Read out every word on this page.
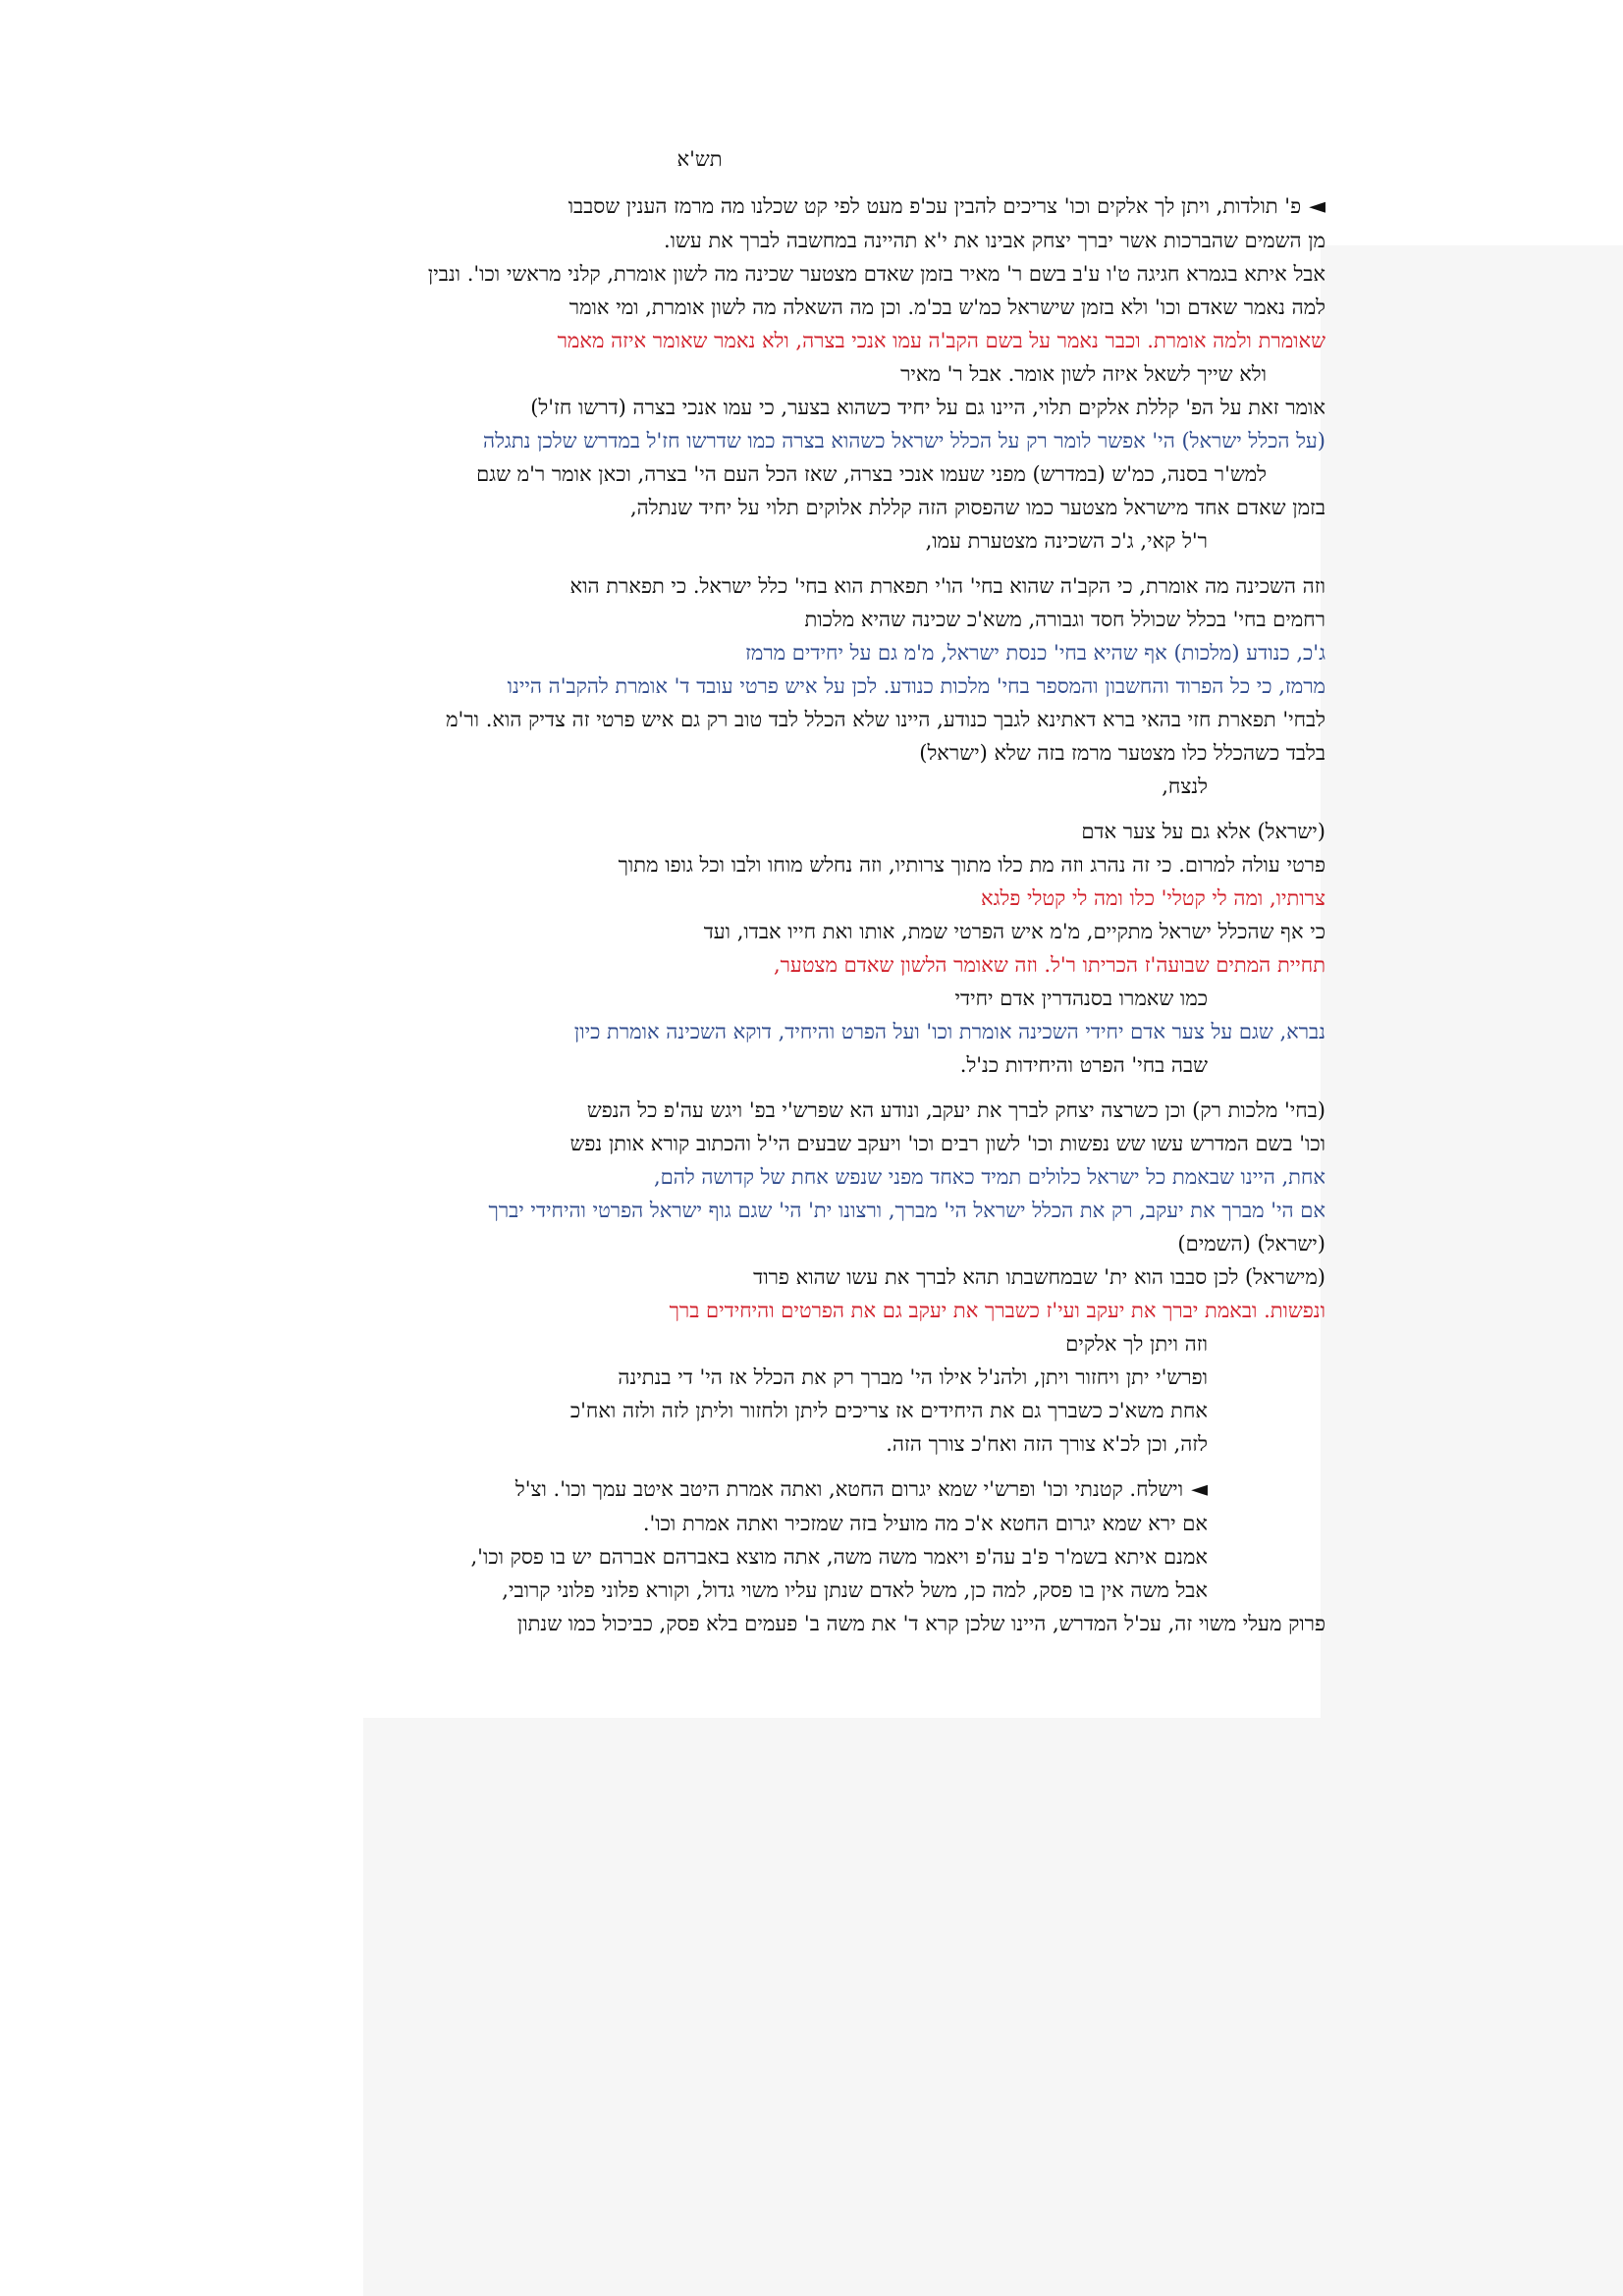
תש'א
◄פ' תולדות, ויתן לך אלקים וכו' צריכים להבין עכ'פ מעט לפי קט שכלנו מה מרמז הענין שסבבו
מן השמים שהברכות אשר יברך יצחק אבינו את י'א תהיינה במחשבה לברך את עשו.
אבל איתא בגמרא חגיגה ט'ו ע'ב בשם ר' מאיר בזמן שאדם מצטער שכינה מה לשון אומרת, קלני מראשי וכו'. ונבין
למה נאמר שאדם וכו' ולא בזמן שישראל כמ'ש בכ'מ. וכן מה השאלה מה לשון אומרת, ומי אומר
שאומרת ולמה אומרת. וכבר נאמר על בשם הקב'ה עמו אנכי בצרה, ולא נאמר שאומר איזה מאמר
ולא שייך לשאל איזה לשון אומר. אבל ר' מאיר
אומר זאת על הפ' קללת אלקים תלוי, היינו גם על יחיד כשהוא בצער, כי עמו אנכי בצרה (דרשו חז'ל)
(על הכלל ישראל) הי' אפשר לומר רק על הכלל ישראל כשהוא בצרה כמו שדרשו חז'ל במדרש שלכן נתגלה
למש'ר בסנה, כמ'ש (במדרש) מפני שעמו אנכי בצרה, שאז הכל העם הי' בצרה, וכאן אומר ר'מ שגם
בזמן שאדם אחד מישראל מצטער כמו שהפסוק הזה קללת אלוקים תלוי על יחיד שנתלה,
ר'ל קאי, ג'כ השכינה מצטערת עמו,
וזה השכינה מה אומרת, כי הקב'ה שהוא בחי' הו'י תפארת הוא בחי' כלל ישראל. כי תפארת הוא
רחמים בחי' בכלל שכולל חסד וגבורה, משא'כ שכינה שהיא מלכות
ג'כ, כנודע (מלכות) אף שהיא בחי' כנסת ישראל, מ'מ גם על יחידים מרמז
מרמז, כי כל הפרוד והחשבון והמספר בחי' מלכות כנודע. לכן על איש פרטי עובד ד' אומרת להקב'ה היינו
לבחי' תפארת חזי בהאי ברא דאתינא לגבך כנודע, היינו שלא הכלל לבד טוב רק גם איש פרטי זה צדיק הוא. ור'מ
בלבד כשהכלל כלו מצטער מרמז בזה שלא (ישראל)
לנצח,
(ישראל) אלא גם על צער אדם
פרטי עולה למרום. כי זה נהרג וזה מת כלו מתוך צרותיו, וזה נחלש מוחו ולבו וכל גופו מתוך
צרותיו, ומה לי קטלי' כלו ומה לי קטלי פלגא
כי אף שהכלל ישראל מתקיים, מ'מ איש הפרטי שמת, אותו ואת חייו אבדו, ועד
תחיית המתים שבועה'ז הכריתו ר'ל. וזה שאומר הלשון שאדם מצטער,
כמו שאמרו בסנהדרין אדם יחידי
נברא, שגם על צער אדם יחידי השכינה אומרת וכו' ועל הפרט והיחיד, דוקא השכינה אומרת כיון
שבה בחי' הפרט והיחידות כנ'ל.
(בחי' מלכות רק) וכן כשרצה יצחק לברך את יעקב, ונודע הא שפרש'י בפ' ויגש עה'פ כל הנפש
וכו' בשם המדרש עשו שש נפשות וכו' לשון רבים וכו' ויעקב שבעים הי'ל והכתוב קורא אותן נפש
אחת, היינו שבאמת כל ישראל כלולים תמיד כאחד מפני שנפש אחת של קדושה להם,
אם הי' מברך את יעקב, רק את הכלל ישראל הי' מברך, ורצונו ית' הי' שגם גוף ישראל הפרטי והיחידי יברך
(ישראל) (השמים)
(מישראל) לכן סבבו הוא ית' שבמחשבתו תהא לברך את עשו שהוא פרוד
ונפשות. ובאמת יברך את יעקב ועי'ז כשברך את יעקב גם את הפרטים והיחידים ברך
וזה ויתן לך אלקים
ופרש'י יתן ויחזור ויתן, ולהנ'ל אילו הי' מברך רק את הכלל אז הי' די בנתינה
אחת משא'כ כשברך גם את היחידים אז צריכים ליתן ולחזור וליתן לזה ולזה ואח'כ
לזה, וכן לכ'א צורך הזה ואח'כ צורך הזה.
◄וישלח. קטנתי וכו' ופרש'י שמא יגרום החטא, ואתה אמרת היטב איטב עמך וכו'. וצ'ל
אם ירא שמא יגרום החטא א'כ מה מועיל בזה שמזכיר ואתה אמרת וכו'.
אמנם איתא בשמ'ר פ'ב עה'פ ויאמר משה משה, אתה מוצא באברהם אברהם יש בו פסק וכו',
אבל משה אין בו פסק, למה כן, משל לאדם שנתן עליו משוי גדול, וקורא פלוני פלוני קרובי,
פרוק מעלי משוי זה, עכ'ל המדרש, היינו שלכן קרא ד' את משה ב' פעמים בלא פסק, כביכול כמו שנתון
